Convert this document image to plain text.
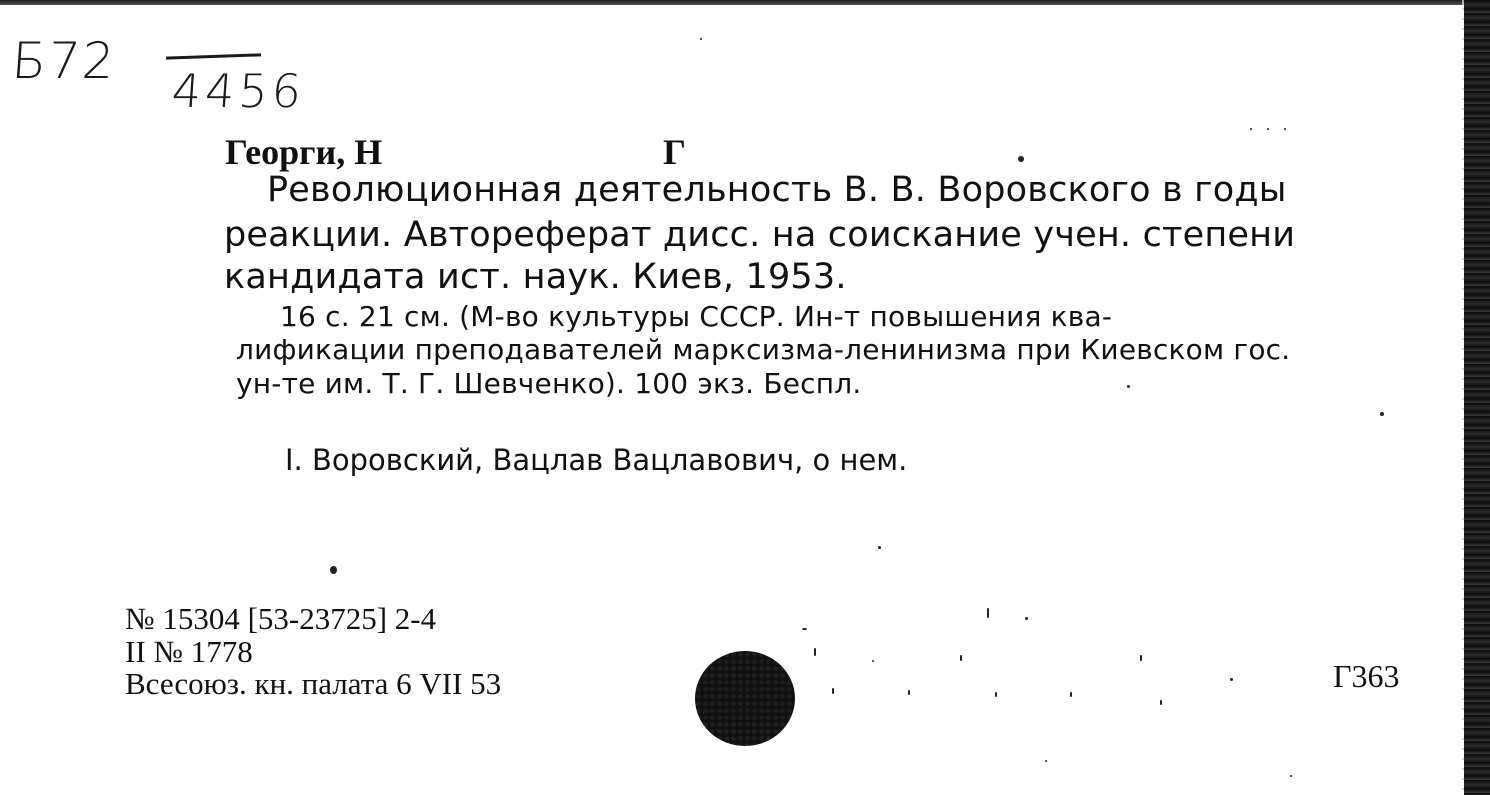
Б72
4456
Георги, Н	Г
Революционная деятельность В. В. Воровского в годы
реакции. Автореферат дисс. на соискание учен. степени
кандидата ист. наук. Киев, 1953.
16 с. 21 см. (М-во культуры СССР. Ин-т повышения ква-
лификации преподавателей марксизма-ленинизма при Киевском гос.
ун-те им. Т. Г. Шевченко). 100 экз. Беспл.
I. Воровский, Вацлав Вацлавович, о нем.
№ 15304 [53-23725] 2-4
II № 1778
Всесоюз. кн. палата 6 VII 53	Г363
